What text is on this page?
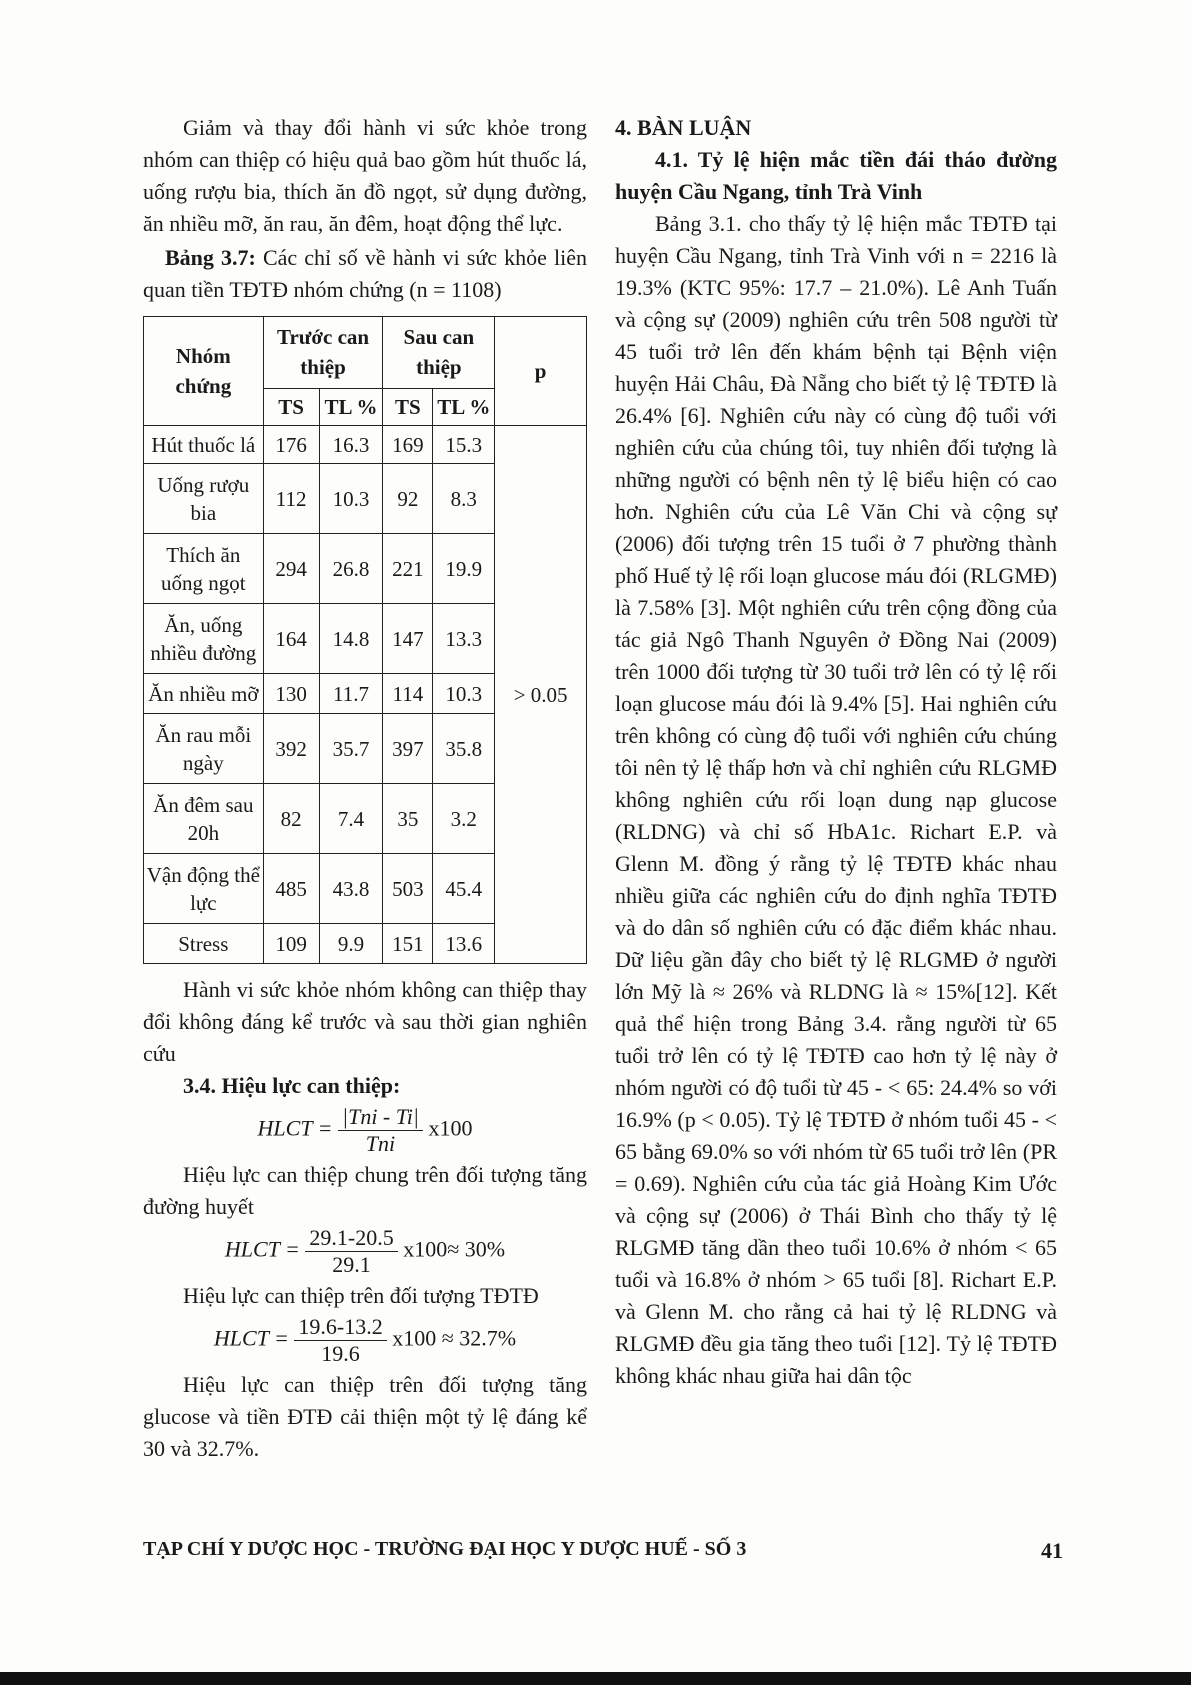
Giảm và thay đổi hành vi sức khỏe trong nhóm can thiệp có hiệu quả bao gồm hút thuốc lá, uống rượu bia, thích ăn đồ ngọt, sử dụng đường, ăn nhiều mỡ, ăn rau, ăn đêm, hoạt động thể lực.

Bảng 3.7: Các chỉ số về hành vi sức khỏe liên quan tiền TĐTĐ nhóm chứng (n = 1108)

Nhóm chứng	Trước can thiệp		Sau can thiệp		p
	TS	TL %	TS	TL %	
Hút thuốc lá	176	16.3	169	15.3	> 0.05
Uống rượu bia	112	10.3	92	8.3	
Thích ăn uống ngọt	294	26.8	221	19.9	
Ăn, uống nhiều đường	164	14.8	147	13.3	
Ăn nhiều mỡ	130	11.7	114	10.3	
Ăn rau mỗi ngày	392	35.7	397	35.8	
Ăn đêm sau 20h	82	7.4	35	3.2	
Vận động thể lực	485	43.8	503	45.4	
Stress	109	9.9	151	13.6	

Hành vi sức khỏe nhóm không can thiệp thay đổi không đáng kể trước và sau thời gian nghiên cứu

3.4. Hiệu lực can thiệp:

HLCT = $\frac{\text{|Tni - Ti|}}{\text{Tni}} x100$

Hiệu lực can thiệp chung trên đối tượng tăng đường huyết

HLCT = $\frac{29.1-20.5}{29.1} x100\approx 30\%$

Hiệu lực can thiệp trên đối tượng TĐTĐ

HLCT = $\frac{19.6-13.2}{19.6} x100 \approx 32.7\%$

Hiệu lực can thiệp trên đối tượng tăng glucose và tiền ĐTĐ cải thiện một tỷ lệ đáng kể 30 và 32.7%.

4. BÀN LUẬN

4.1. Tỷ lệ hiện mắc tiền đái tháo đường huyện Cầu Ngang, tỉnh Trà Vinh

Bảng 3.1. cho thấy tỷ lệ hiện mắc TĐTĐ tại huyện Cầu Ngang, tỉnh Trà Vinh với n = 2216 là 19.3% (KTC 95%: 17.7 – 21.0%). Lê Anh Tuấn và cộng sự (2009) nghiên cứu trên 508 người từ 45 tuổi trở lên đến khám bệnh tại Bệnh viện huyện Hải Châu, Đà Nẵng cho biết tỷ lệ TĐTĐ là 26.4% [6]. Nghiên cứu này có cùng độ tuổi với nghiên cứu của chúng tôi, tuy nhiên đối tượng là những người có bệnh nên tỷ lệ biểu hiện có cao hơn. Nghiên cứu của Lê Văn Chi và cộng sự (2006) đối tượng trên 15 tuổi ở 7 phường thành phố Huế tỷ lệ rối loạn glucose máu đói (RLGMĐ) là 7.58% [3]. Một nghiên cứu trên cộng đồng của tác giả Ngô Thanh Nguyên ở Đồng Nai (2009) trên 1000 đối tượng từ 30 tuổi trở lên có tỷ lệ rối loạn glucose máu đói là 9.4% [5]. Hai nghiên cứu trên không có cùng độ tuổi với nghiên cứu chúng tôi nên tỷ lệ thấp hơn và chỉ nghiên cứu RLGMĐ không nghiên cứu rối loạn dung nạp glucose (RLDNG) và chỉ số HbA1c. Richart E.P. và Glenn M. đồng ý rằng tỷ lệ TĐTĐ khác nhau nhiều giữa các nghiên cứu do định nghĩa TĐTĐ và do dân số nghiên cứu có đặc điểm khác nhau. Dữ liệu gần đây cho biết tỷ lệ RLGMĐ ở người lớn Mỹ là ≈ 26% và RLDNG là ≈ 15%[12]. Kết quả thể hiện trong Bảng 3.4. rằng người từ 65 tuổi trở lên có tỷ lệ TĐTĐ cao hơn tỷ lệ này ở nhóm người có độ tuổi từ 45 - < 65: 24.4% so với 16.9% (p < 0.05). Tỷ lệ TĐTĐ ở nhóm tuổi 45 - < 65 bằng 69.0% so với nhóm từ 65 tuổi trở lên (PR = 0.69). Nghiên cứu của tác giả Hoàng Kim Ước và cộng sự (2006) ở Thái Bình cho thấy tỷ lệ RLGMĐ tăng dần theo tuổi 10.6% ở nhóm < 65 tuổi và 16.8% ở nhóm > 65 tuổi [8]. Richart E.P. và Glenn M. cho rằng cả hai tỷ lệ RLDNG và RLGMĐ đều gia tăng theo tuổi [12]. Tỷ lệ TĐTĐ không khác nhau giữa hai dân tộc

TẠP CHÍ Y DƯỢC HỌC - TRƯỜNG ĐẠI HỌC Y DƯỢC HUẾ - SỐ 3	41
